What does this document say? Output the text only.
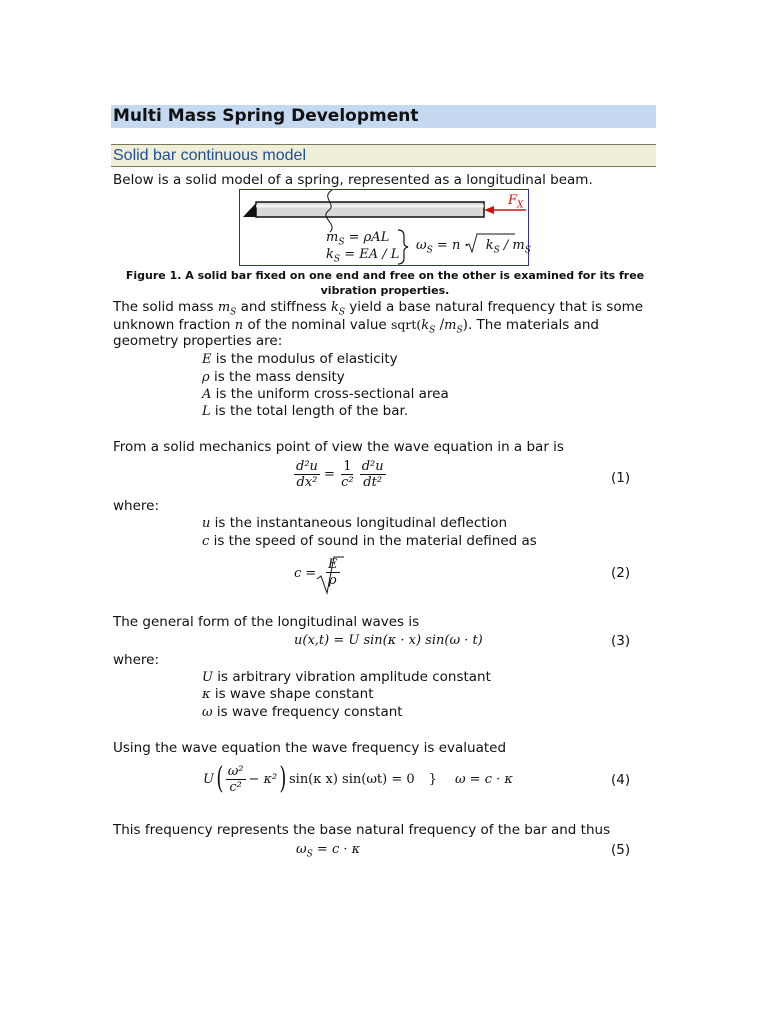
Multi Mass Spring Development
Solid bar continuous model
Below is a solid model of a spring, represented as a longitudinal beam.
$F_X$
$m_S = \rho AL$
$k_S$ = EA / L
$\omega_S = n \cdot k_S / m_S$
Figure 1. A solid bar fixed on one end and free on the other is examined for its free vibration properties.
The solid mass $m_S$ and stiffness $k_S$ yield a base natural frequency that is some
unknown fraction n of the nominal value $sqrt(k_S$ $/m_S$). The materials and
geometry properties are:
E is the modulus of elasticity
ρ is the mass density
A is the uniform cross-sectional area
L is the total length of the bar.
From a solid mechanics point of view the wave equation in a bar is
$\frac{\text{d²u}}{\text{dx²}} = \frac{1}{\text{c²}}$
$\frac{\text{d²u}}{\text{dt²}}$	(1)
where:
u is the instantaneous longitudinal deflection
c is the speed of sound in the material defined as
$c = \frac{E}{\rho}$	(2)
The general form of the longitudinal waves is
u(x,t) = U sin(κ · x) sin(ω · t)	(3)
where:
U is arbitrary vibration amplitude constant
κ is wave shape constant
ω is wave frequency constant
Using the wave equation the wave frequency is evaluated
U ( $\frac{\text{ω²}}{\text{c²}} - \kappa^2$ ) sin(κ x) sin(ωt) = 0 } ω = c · κ	(4)
This frequency represents the base natural frequency of the bar and thus
$\omega_S = c \cdot \kappa$	(5)
